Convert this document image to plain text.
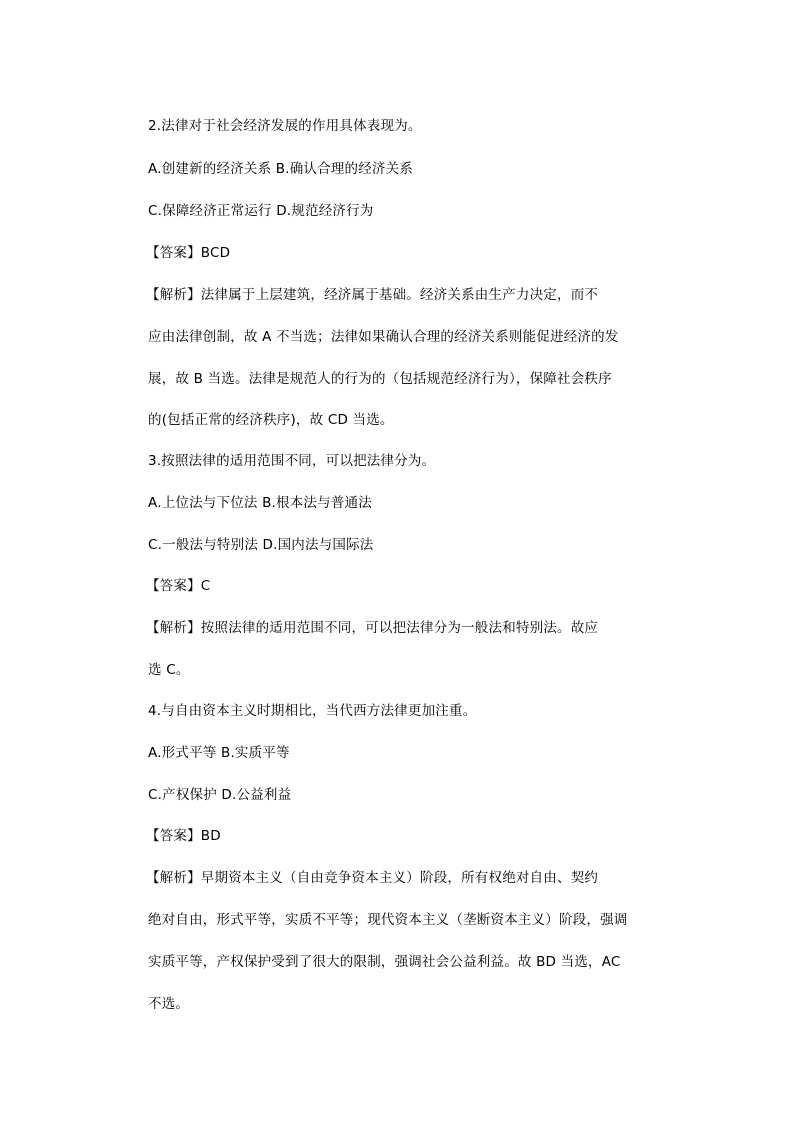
2.法律对于社会经济发展的作用具体表现为。
A.创建新的经济关系 B.确认合理的经济关系
C.保障经济正常运行 D.规范经济行为
【答案】BCD
【解析】法律属于上层建筑，经济属于基础。经济关系由生产力决定，而不
应由法律创制，故 A 不当选；法律如果确认合理的经济关系则能促进经济的发
展，故 B 当选。法律是规范人的行为的（包括规范经济行为），保障社会秩序
的(包括正常的经济秩序)，故 CD 当选。
3.按照法律的适用范围不同，可以把法律分为。
A.上位法与下位法 B.根本法与普通法
C.一般法与特别法 D.国内法与国际法
【答案】C
【解析】按照法律的适用范围不同，可以把法律分为一般法和特别法。故应
选 C。
4.与自由资本主义时期相比，当代西方法律更加注重。
A.形式平等 B.实质平等
C.产权保护 D.公益利益
【答案】BD
【解析】早期资本主义（自由竞争资本主义）阶段，所有权绝对自由、契约
绝对自由，形式平等，实质不平等；现代资本主义（垄断资本主义）阶段，强调
实质平等，产权保护受到了很大的限制，强调社会公益利益。故 BD 当选，AC
不选。
